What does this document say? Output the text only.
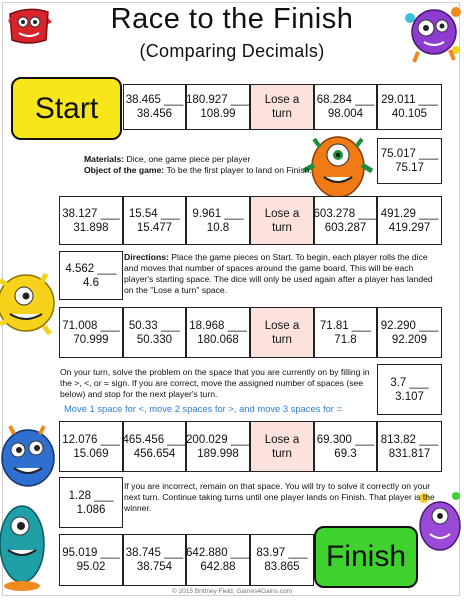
Race to the Finish
(Comparing Decimals)
Start	38.465 ___
38.456
180.927 ___
108.99
Lose a turn
68.284 ___
98.004
29.011 ___
40.105
Materials: Dice, one game piece per player
Object of the game: To be the first player to land on Finish.
75.017 ___
75.17
38.127 ___
31.898
15.54 ___
15.477
9.961 ___
10.8
Lose a turn
603.278 ___
603.287
491.29 ___
419.297
4.562 ___
4.6
Directions: Place the game pieces on Start. To begin, each player rolls the dice and moves that number of spaces around the game board. This will be each player's starting space. The dice will only be used again after a player has landed on the "Lose a turn" space.
71.008 ___
70.999
50.33 ___
50.330
18.968 ___
180.068
Lose a turn
71.81 ___
71.8
92.290 ___
92.209
On your turn, solve the problem on the space that you are currently on by filling in the >, <, or = sign. If you are correct, move the assigned number of spaces (see below) and stop for the next player's turn.
3.7 ___
3.107
Move 1 space for <, move 2 spaces for >, and move 3 spaces for =
12.076 ___
15.069
465.456 ___
456.654
200.029 ___
189.998
Lose a turn
69.300 ___
69.3
813.82 ___
831.817
1.28 ___
1.086
If you are incorrect, remain on that space. You will try to solve it correctly on your next turn. Continue taking turns until one player lands on Finish. That player is the winner.
95.019 ___
95.02
38.745 ___
38.754
642.880 ___
642.88
83.97 ___
83.865 Finish
© 2015 Brittney Field, Games4Gains.com
